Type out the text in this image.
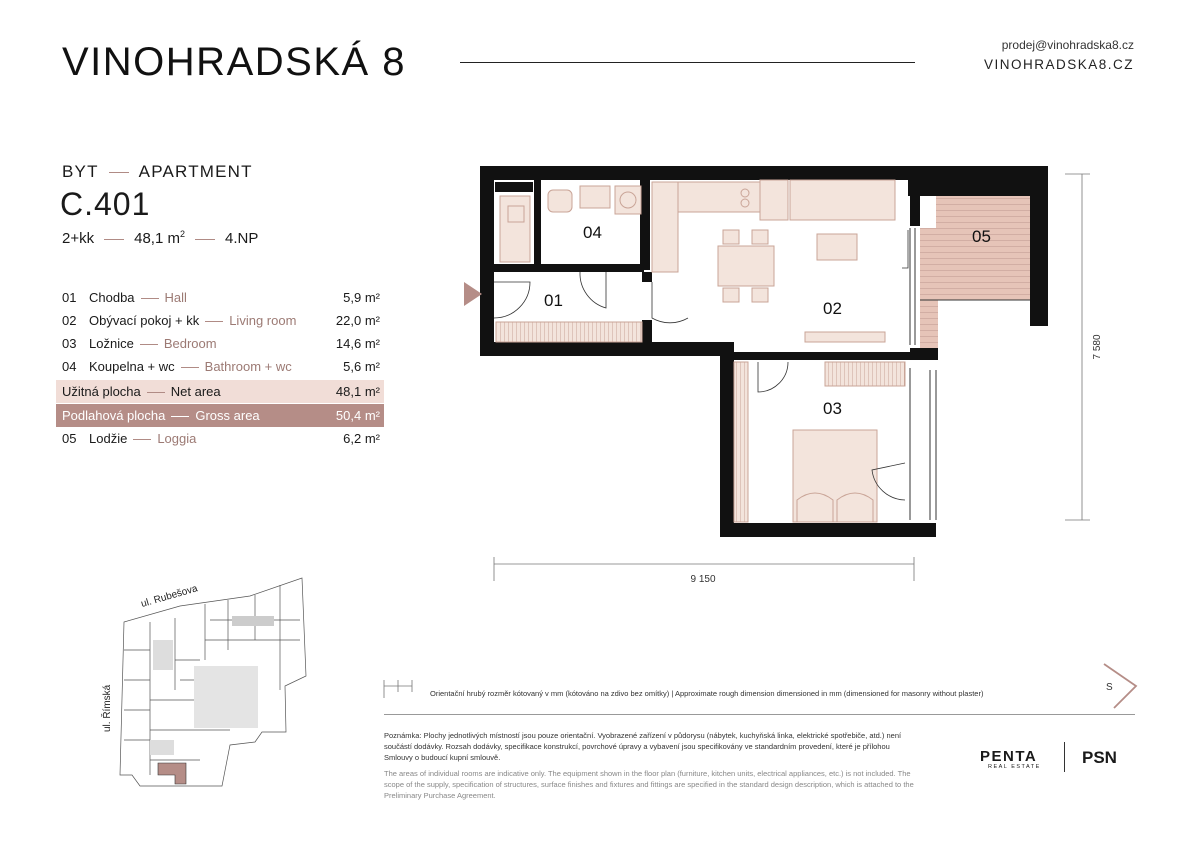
VINOHRADSKÁ 8	prodej@vinohradska8.cz
VINOHRADSKA8.CZ
BYT APARTMENT
C.401
2+kk	48,1 $m^2$	4.NP
01 Chodba Hall	5,9 m²
02 Obývací pokoj + kk Living room	22,0 m²
03 Ložnice Bedroom	14,6 m²
04 Koupelna + wc Bathroom + wc	5,6 m²
Užitná plocha Net area	48,1 m²
Podlahová plocha Gross area	50,4 m²
05 Lodžie Loggia	6,2 m²
01	02
03
04	05
9 150
7 580
ul. Rubešova
ul. Římská	Orientační hrubý rozměr kótovaný v mm (kótováno na zdivo bez omítky) | Approximate rough dimension dimensioned in mm (dimensioned for masonry without plaster)
S
Poznámka: Plochy jednotlivých místností jsou pouze orientační. Vyobrazené zařízení v půdorysu (nábytek, kuchyňská linka, elektrické spotřebiče, atd.) není součástí dodávky. Rozsah dodávky, specifikace konstrukcí, povrchové úpravy a vybavení jsou specifikovány ve standardním provedení, které je přílohou Smlouvy o budoucí kupní smlouvě.
The areas of individual rooms are indicative only. The equipment shown in the floor plan (furniture, kitchen units, electrical appliances, etc.) is not included. The scope of the supply, specification of structures, surface finishes and fixtures and fittings are specified in the standard design description, which is attached to the Preliminary Purchase Agreement.
PENTA
REAL ESTATE PSN
